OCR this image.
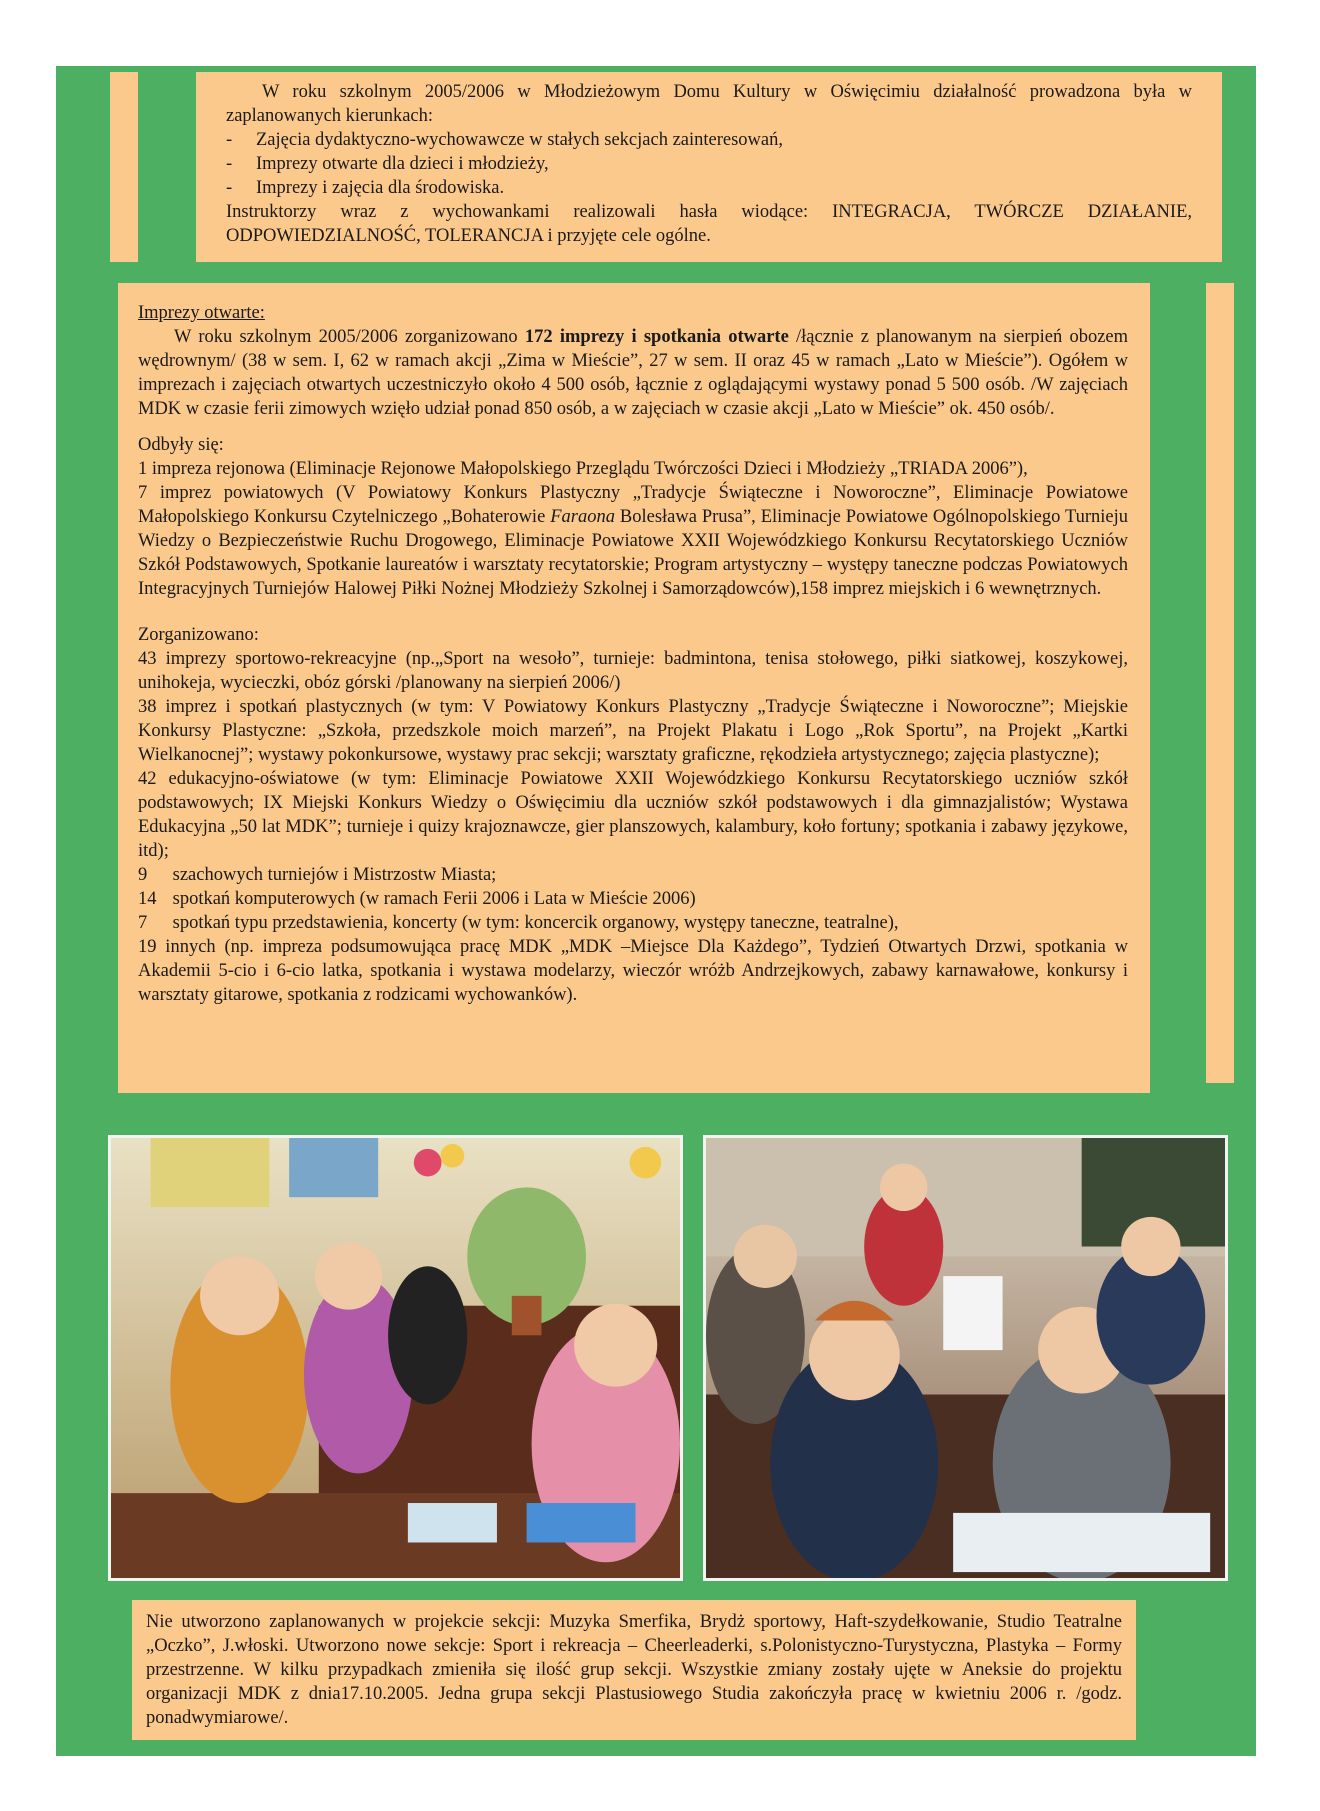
W roku szkolnym 2005/2006 w Młodzieżowym Domu Kultury w Oświęcimiu działalność prowadzona była w zaplanowanych kierunkach:
- Zajęcia dydaktyczno-wychowawcze w stałych sekcjach zainteresowań,
- Imprezy otwarte dla dzieci i młodzieży,
- Imprezy i zajęcia dla środowiska.
Instruktorzy wraz z wychowankami realizowali hasła wiodące: INTEGRACJA, TWÓRCZE DZIAŁANIE, ODPOWIEDZIALNOŚĆ, TOLERANCJA i przyjęte cele ogólne.
Imprezy otwarte:
W roku szkolnym 2005/2006 zorganizowano 172 imprezy i spotkania otwarte /łącznie z planowanym na sierpień obozem wędrownym/ (38 w sem. I, 62 w ramach akcji „Zima w Mieście”, 27 w sem. II oraz 45 w ramach „Lato w Mieście”). Ogółem w imprezach i zajęciach otwartych uczestniczyło około 4 500 osób, łącznie z oglądającymi wystawy ponad 5 500 osób. /W zajęciach MDK w czasie ferii zimowych wzięło udział ponad 850 osób, a w zajęciach w czasie akcji „Lato w Mieście” ok. 450 osób/.
Odbyły się:
1 impreza rejonowa (Eliminacje Rejonowe Małopolskiego Przeglądu Twórczości Dzieci i Młodzieży „TRIADA 2006”),
7 imprez powiatowych (V Powiatowy Konkurs Plastyczny „Tradycje Świąteczne i Noworoczne”, Eliminacje Powiatowe Małopolskiego Konkursu Czytelniczego „Bohaterowie Faraona Bolesława Prusa”, Eliminacje Powiatowe Ogólnopolskiego Turnieju Wiedzy o Bezpieczeństwie Ruchu Drogowego, Eliminacje Powiatowe XXII Wojewódzkiego Konkursu Recytatorskiego Uczniów Szkół Podstawowych, Spotkanie laureatów i warsztaty recytatorskie; Program artystyczny – występy taneczne podczas Powiatowych Integracyjnych Turniejów Halowej Piłki Nożnej Młodzieży Szkolnej i Samorządowców),158 imprez miejskich i 6 wewnętrznych.
Zorganizowano:
43 imprezy sportowo-rekreacyjne (np.„Sport na wesoło”, turnieje: badmintona, tenisa stołowego, piłki siatkowej, koszykowej, unihokeja, wycieczki, obóz górski /planowany na sierpień 2006/)
38 imprez i spotkań plastycznych (w tym: V Powiatowy Konkurs Plastyczny „Tradycje Świąteczne i Noworoczne”; Miejskie Konkursy Plastyczne: „Szkoła, przedszkole moich marzeń”, na Projekt Plakatu i Logo „Rok Sportu”, na Projekt „Kartki Wielkanocnej”; wystawy pokonkursowe, wystawy prac sekcji; warsztaty graficzne, rękodzieła artystycznego; zajęcia plastyczne);
42 edukacyjno-oświatowe (w tym: Eliminacje Powiatowe XXII Wojewódzkiego Konkursu Recytatorskiego uczniów szkół podstawowych; IX Miejski Konkurs Wiedzy o Oświęcimiu dla uczniów szkół podstawowych i dla gimnazjalistów; Wystawa Edukacyjna „50 lat MDK”; turnieje i quizy krajoznawcze, gier planszowych, kalambury, koło fortuny; spotkania i zabawy językowe, itd);
9 szachowych turniejów i Mistrzostw Miasta;
14 spotkań komputerowych (w ramach Ferii 2006 i Lata w Mieście 2006)
7 spotkań typu przedstawienia, koncerty (w tym: koncercik organowy, występy taneczne, teatralne),
19 innych (np. impreza podsumowująca pracę MDK „MDK –Miejsce Dla Każdego”, Tydzień Otwartych Drzwi, spotkania w Akademii 5-cio i 6-cio latka, spotkania i wystawa modelarzy, wieczór wróżb Andrzejkowych, zabawy karnawałowe, konkursy i warsztaty gitarowe, spotkania z rodzicami wychowanków).
Nie utworzono zaplanowanych w projekcie sekcji: Muzyka Smerfika, Brydż sportowy, Haft-szydełkowanie, Studio Teatralne „Oczko”, J.włoski. Utworzono nowe sekcje: Sport i rekreacja – Cheerleaderki, s.Polonistyczno-Turystyczna, Plastyka – Formy przestrzenne. W kilku przypadkach zmieniła się ilość grup sekcji. Wszystkie zmiany zostały ujęte w Aneksie do projektu organizacji MDK z dnia17.10.2005. Jedna grupa sekcji Plastusiowego Studia zakończyła pracę w kwietniu 2006 r. /godz. ponadwymiarowe/.
